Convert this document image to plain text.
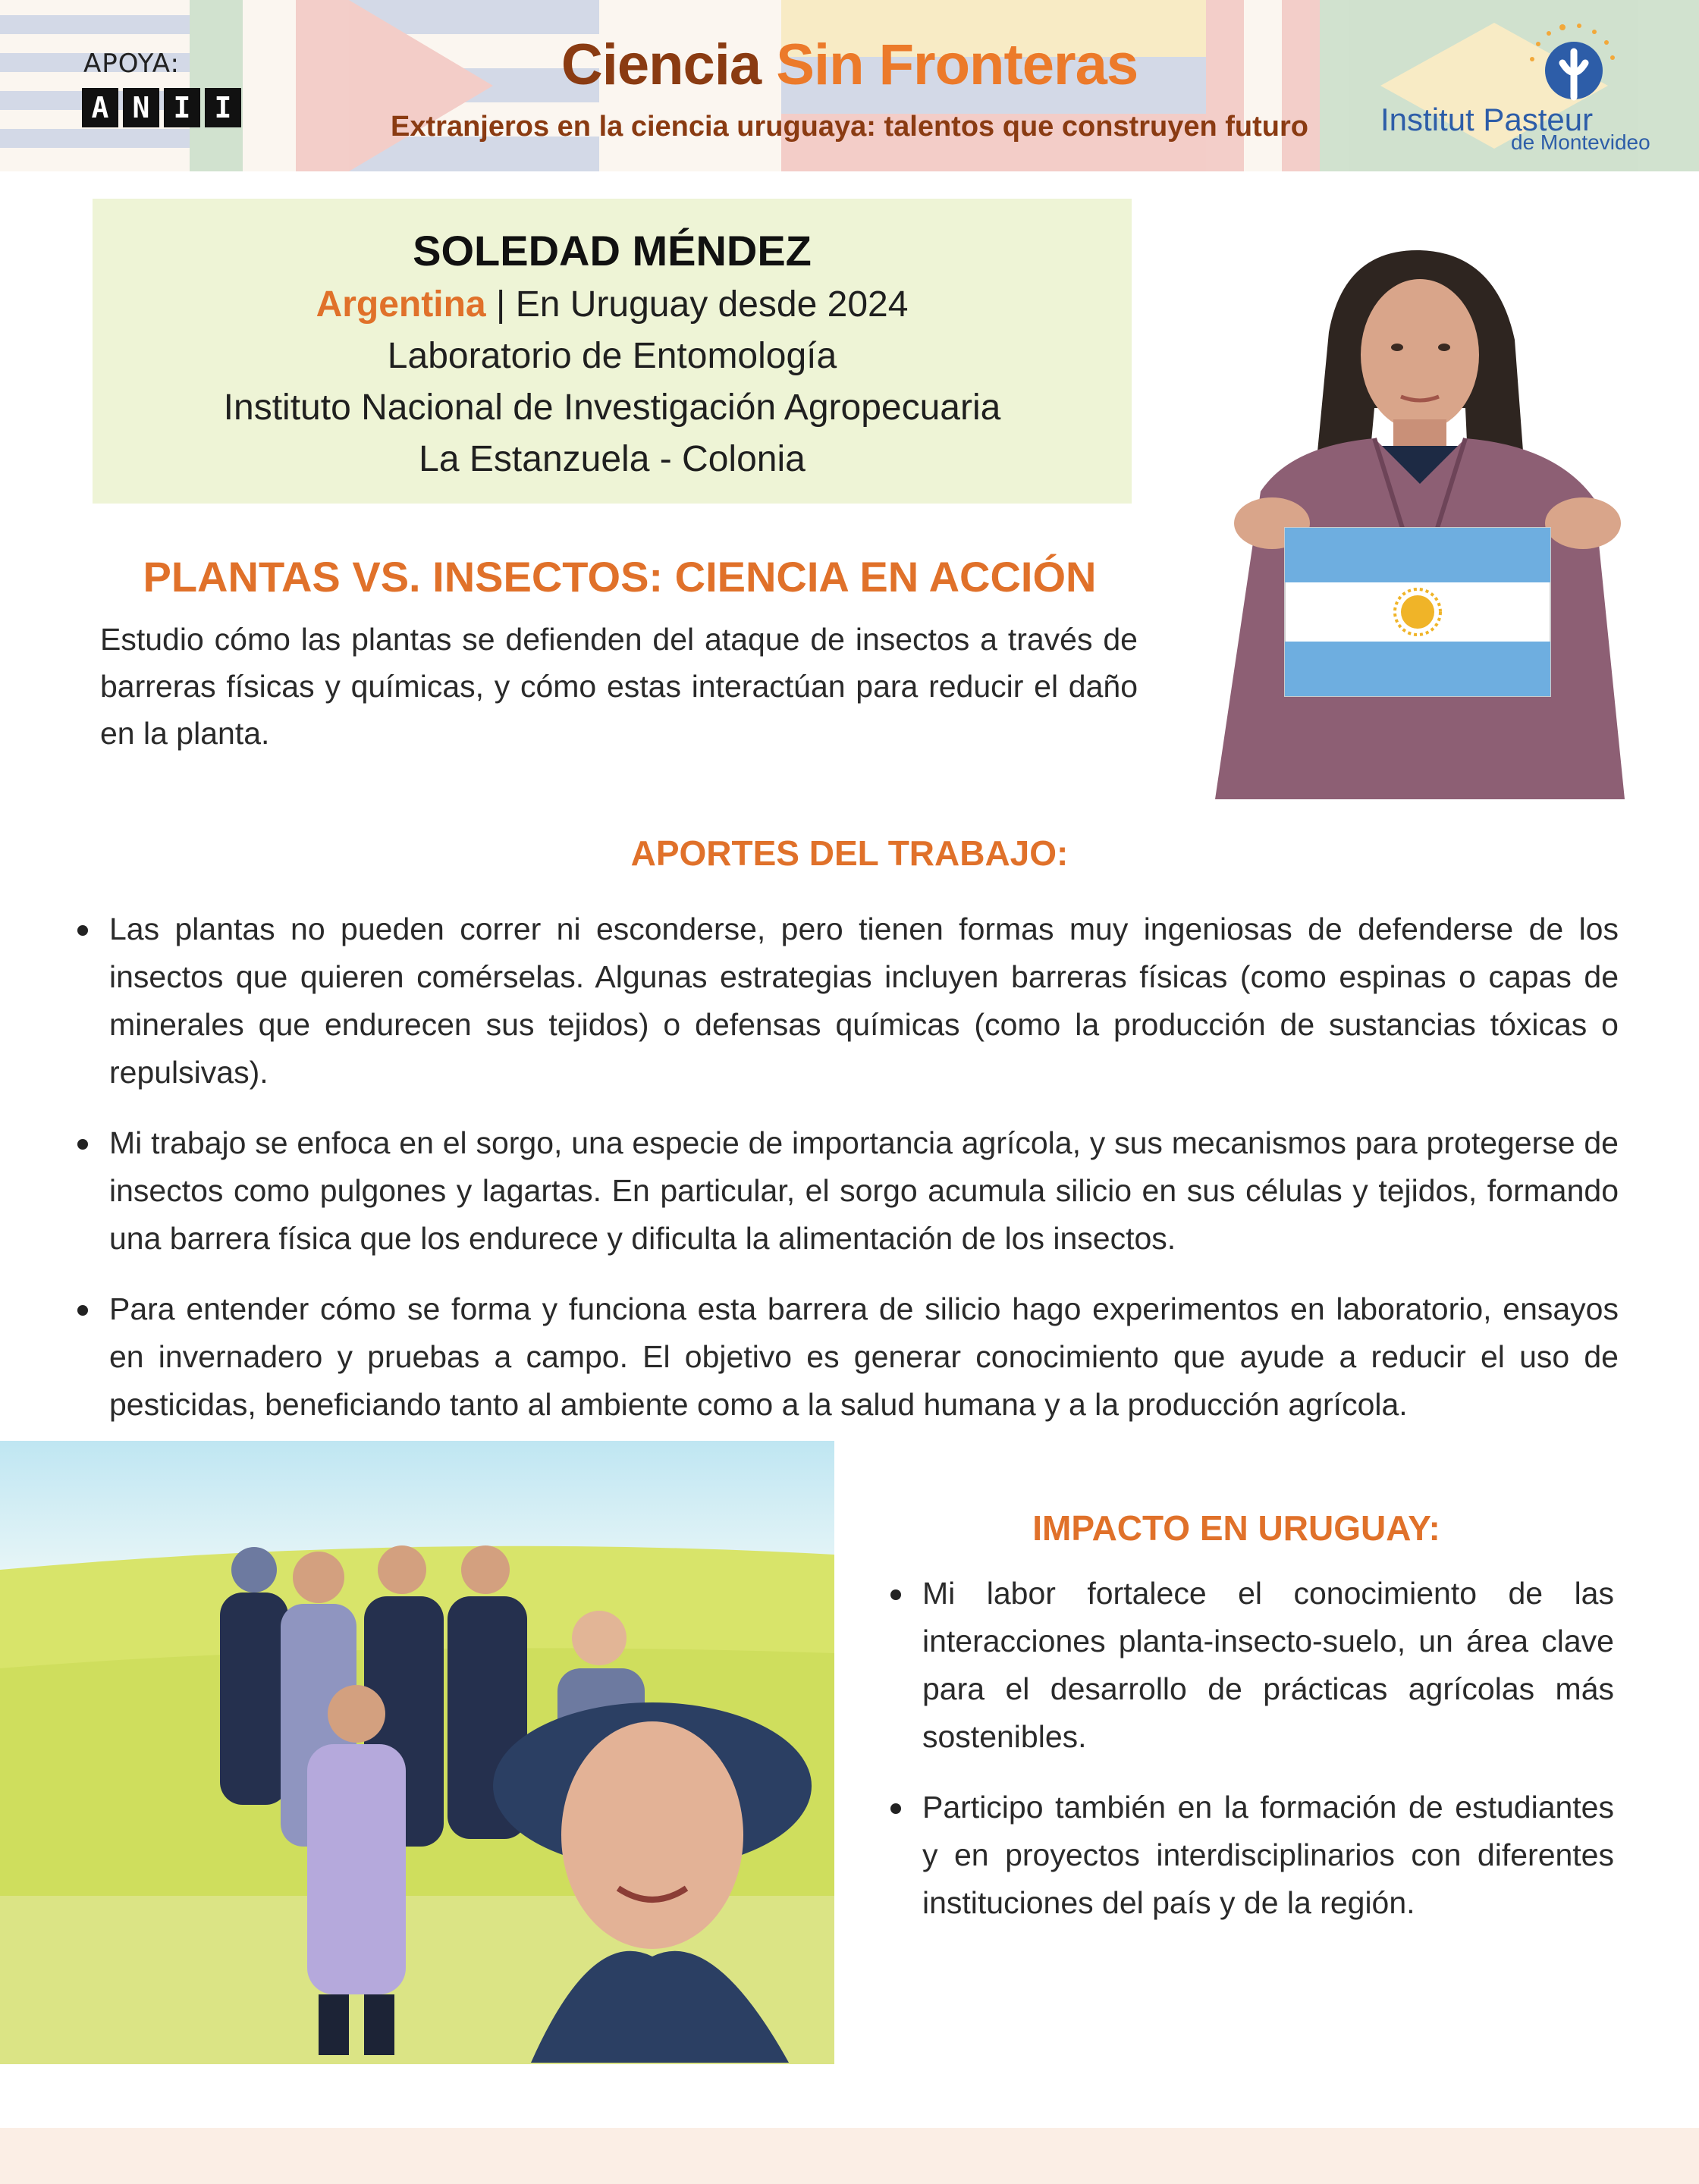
APOYA:
A N I I
Ciencia Sin Fronteras
Extranjeros en la ciencia uruguaya: talentos que construyen futuro	Institut Pasteur
de Montevideo
SOLEDAD MÉNDEZ
Argentina | En Uruguay desde 2024
Laboratorio de Entomología
Instituto Nacional de Investigación Agropecuaria
La Estanzuela - Colonia
PLANTAS VS. INSECTOS: CIENCIA EN ACCIÓN
Estudio cómo las plantas se defienden del ataque de insectos a través de barreras físicas y químicas, y cómo estas interactúan para reducir el daño en la planta.
APORTES DEL TRABAJO:
Las plantas no pueden correr ni esconderse, pero tienen formas muy ingeniosas de defenderse de los insectos que quieren comérselas. Algunas estrategias incluyen barreras físicas (como espinas o capas de minerales que endurecen sus tejidos) o defensas químicas (como la producción de sustancias tóxicas o repulsivas).
Mi trabajo se enfoca en el sorgo, una especie de importancia agrícola, y sus mecanismos para protegerse de insectos como pulgones y lagartas. En particular, el sorgo acumula silicio en sus células y tejidos, formando una barrera física que los endurece y dificulta la alimentación de los insectos.
Para entender cómo se forma y funciona esta barrera de silicio hago experimentos en laboratorio, ensayos en invernadero y pruebas a campo. El objetivo es generar conocimiento que ayude a reducir el uso de pesticidas, beneficiando tanto al ambiente como a la salud humana y a la producción agrícola.
IMPACTO EN URUGUAY:
Mi labor fortalece el conocimiento de las interacciones planta-insecto-suelo, un área clave para el desarrollo de prácticas agrícolas más sostenibles.
Participo también en la formación de estudiantes y en proyectos interdisciplinarios con diferentes instituciones del país y de la región.
